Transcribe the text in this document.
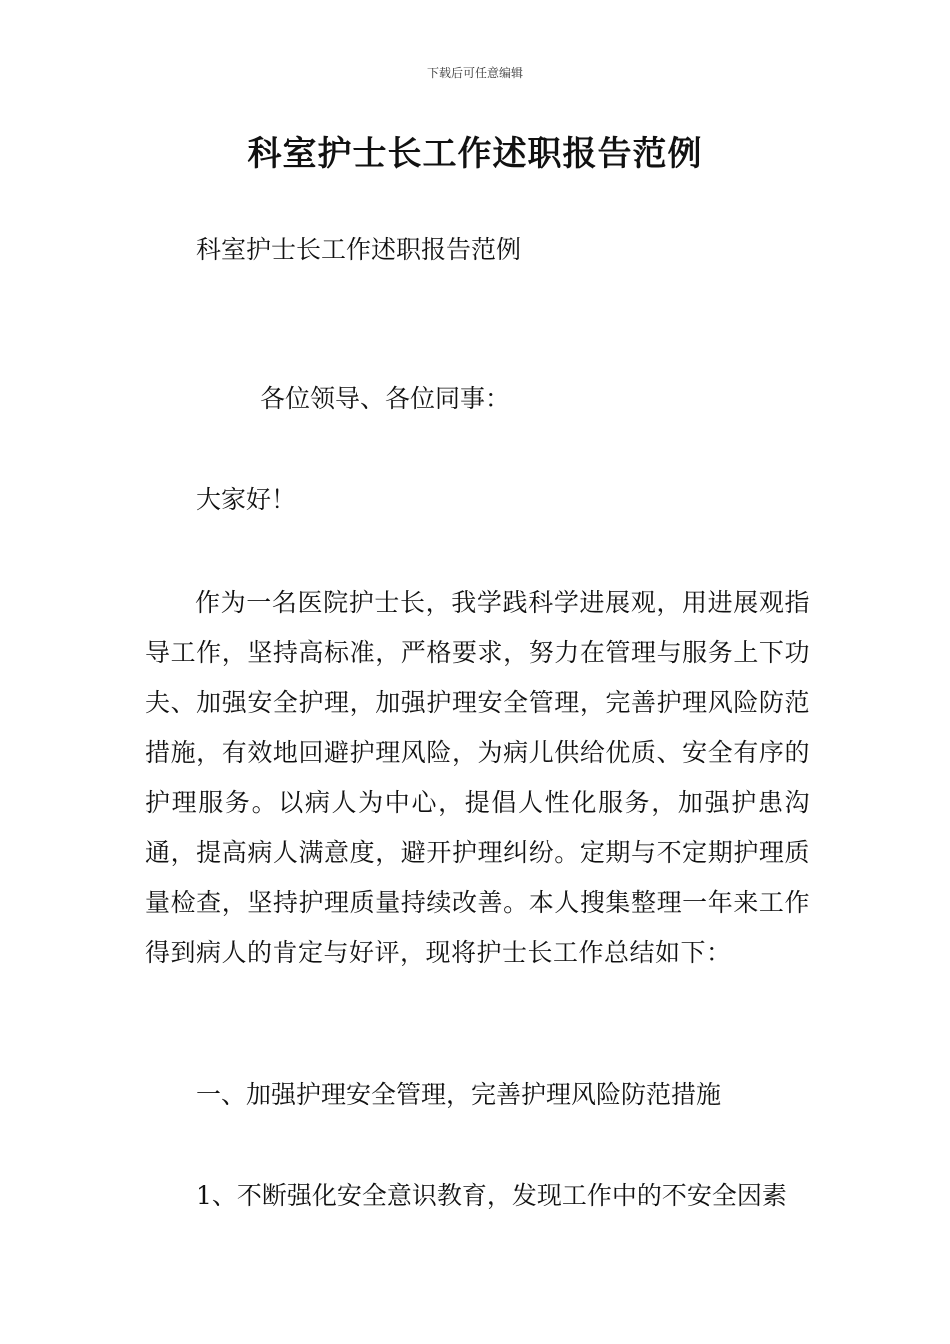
下载后可任意编辑
科室护士长工作述职报告范例
科室护士长工作述职报告范例
各位领导、各位同事：
大家好！
作为一名医院护士长，我学践科学进展观，用进展观指导工作，坚持高标准，严格要求，努力在管理与服务上下功夫、加强安全护理，加强护理安全管理，完善护理风险防范措施，有效地回避护理风险，为病儿供给优质、安全有序的护理服务。以病人为中心，提倡人性化服务，加强护患沟通，提高病人满意度，避开护理纠纷。定期与不定期护理质量检查，坚持护理质量持续改善。本人搜集整理一年来工作得到病人的肯定与好评，现将护士长工作总结如下：
一、加强护理安全管理，完善护理风险防范措施
1、不断强化安全意识教育，发现工作中的不安全因素
